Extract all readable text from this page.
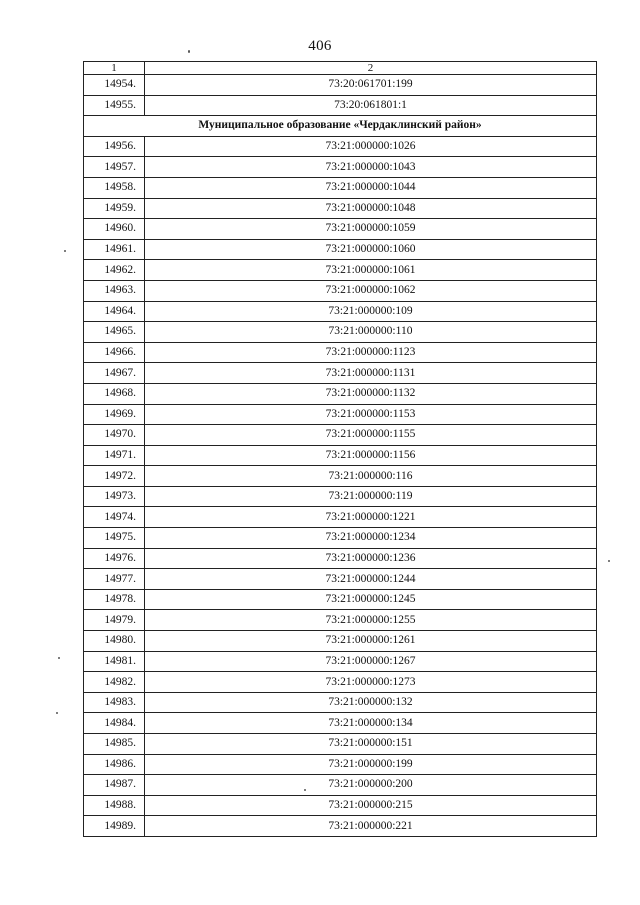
406
1	2
14954.	73:20:061701:199
14955.	73:20:061801:1
Муниципальное образование «Чердаклинский район»	
14956.	73:21:000000:1026
14957.	73:21:000000:1043
14958.	73:21:000000:1044
14959.	73:21:000000:1048
14960.	73:21:000000:1059
14961.	73:21:000000:1060
14962.	73:21:000000:1061
14963.	73:21:000000:1062
14964.	73:21:000000:109
14965.	73:21:000000:110
14966.	73:21:000000:1123
14967.	73:21:000000:1131
14968.	73:21:000000:1132
14969.	73:21:000000:1153
14970.	73:21:000000:1155
14971.	73:21:000000:1156
14972.	73:21:000000:116
14973.	73:21:000000:119
14974.	73:21:000000:1221
14975.	73:21:000000:1234
14976.	73:21:000000:1236
14977.	73:21:000000:1244
14978.	73:21:000000:1245
14979.	73:21:000000:1255
14980.	73:21:000000:1261
14981.	73:21:000000:1267
14982.	73:21:000000:1273
14983.	73:21:000000:132
14984.	73:21:000000:134
14985.	73:21:000000:151
14986.	73:21:000000:199
14987.	73:21:000000:200
14988.	73:21:000000:215
14989.	73:21:000000:221
